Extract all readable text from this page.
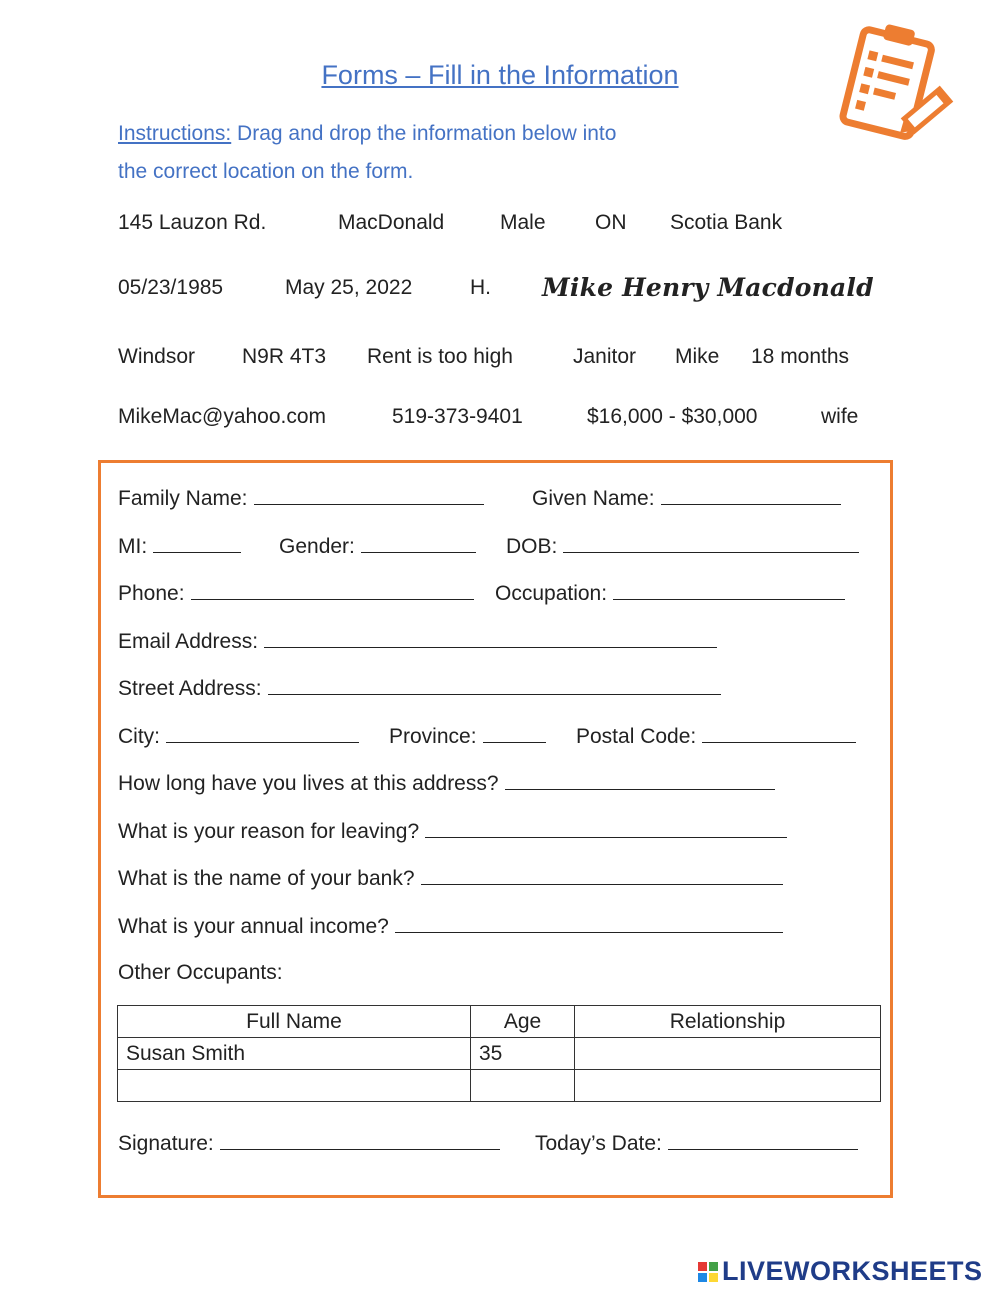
Forms – Fill in the Information
Instructions: Drag and drop the information below into
the correct location on the form.
145 Lauzon Rd.	MacDonald	Male ON Scotia Bank
05/23/1985	May 25, 2022	H. Mike Henry Macdonald
Windsor N9R 4T3 Rent is too high	Janitor Mike 18 months
MikeMac@yahoo.com	519-373-9401	$16,000 - $30,000	wife
Family Name:	Given Name:
MI:	Gender:	DOB:
Phone:	Occupation:
Email Address:
Street Address:
City:	Province:	Postal Code:
How long have you lives at this address?
What is your reason for leaving?
What is the name of your bank?
What is your annual income?
Other Occupants:
Full Name	Age	Relationship
Susan Smith	35	

Signature:	Today’s Date:
LIVEWORKSHEETS
